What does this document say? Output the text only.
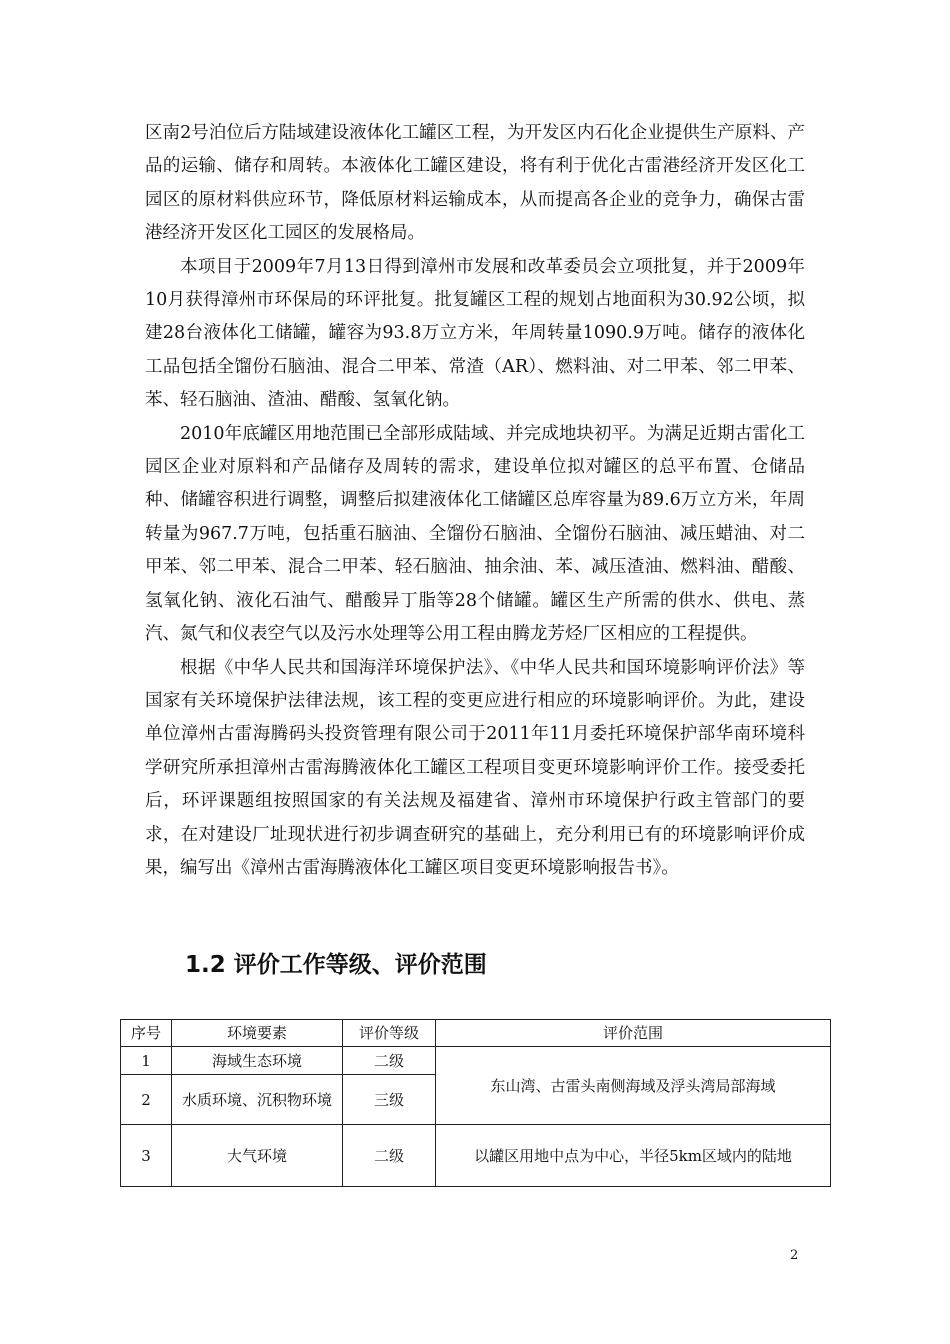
区南2号泊位后方陆域建设液体化工罐区工程，为开发区内石化企业提供生产原料、产品的运输、储存和周转。本液体化工罐区建设，将有利于优化古雷港经济开发区化工园区的原材料供应环节，降低原材料运输成本，从而提高各企业的竞争力，确保古雷港经济开发区化工园区的发展格局。

本项目于2009年7月13日得到漳州市发展和改革委员会立项批复，并于2009年10月获得漳州市环保局的环评批复。批复罐区工程的规划占地面积为30.92公顷，拟建28台液体化工储罐，罐容为93.8万立方米，年周转量1090.9万吨。储存的液体化工品包括全馏份石脑油、混合二甲苯、常渣（AR）、燃料油、对二甲苯、邻二甲苯、苯、轻石脑油、渣油、醋酸、氢氧化钠。

2010年底罐区用地范围已全部形成陆域、并完成地块初平。为满足近期古雷化工园区企业对原料和产品储存及周转的需求，建设单位拟对罐区的总平布置、仓储品种、储罐容积进行调整，调整后拟建液体化工储罐区总库容量为89.6万立方米，年周转量为967.7万吨，包括重石脑油、全馏份石脑油、全馏份石脑油、减压蜡油、对二甲苯、邻二甲苯、混合二甲苯、轻石脑油、抽余油、苯、减压渣油、燃料油、醋酸、氢氧化钠、液化石油气、醋酸异丁脂等28个储罐。罐区生产所需的供水、供电、蒸汽、氮气和仪表空气以及污水处理等公用工程由腾龙芳烃厂区相应的工程提供。

根据《中华人民共和国海洋环境保护法》、《中华人民共和国环境影响评价法》等国家有关环境保护法律法规，该工程的变更应进行相应的环境影响评价。为此，建设单位漳州古雷海腾码头投资管理有限公司于2011年11月委托环境保护部华南环境科学研究所承担漳州古雷海腾液体化工罐区工程项目变更环境影响评价工作。接受委托后，环评课题组按照国家的有关法规及福建省、漳州市环境保护行政主管部门的要求，在对建设厂址现状进行初步调查研究的基础上，充分利用已有的环境影响评价成果，编写出《漳州古雷海腾液体化工罐区项目变更环境影响报告书》。

1.2 评价工作等级、评价范围
序号	环境要素	评价等级	评价范围
1	海域生态环境	二级	东山湾、古雷头南侧海域及浮头湾局部海域
2	水质环境、沉积物环境	三级	
3	大气环境	二级	以罐区用地中点为中心，半径5km区域内的陆地
2
